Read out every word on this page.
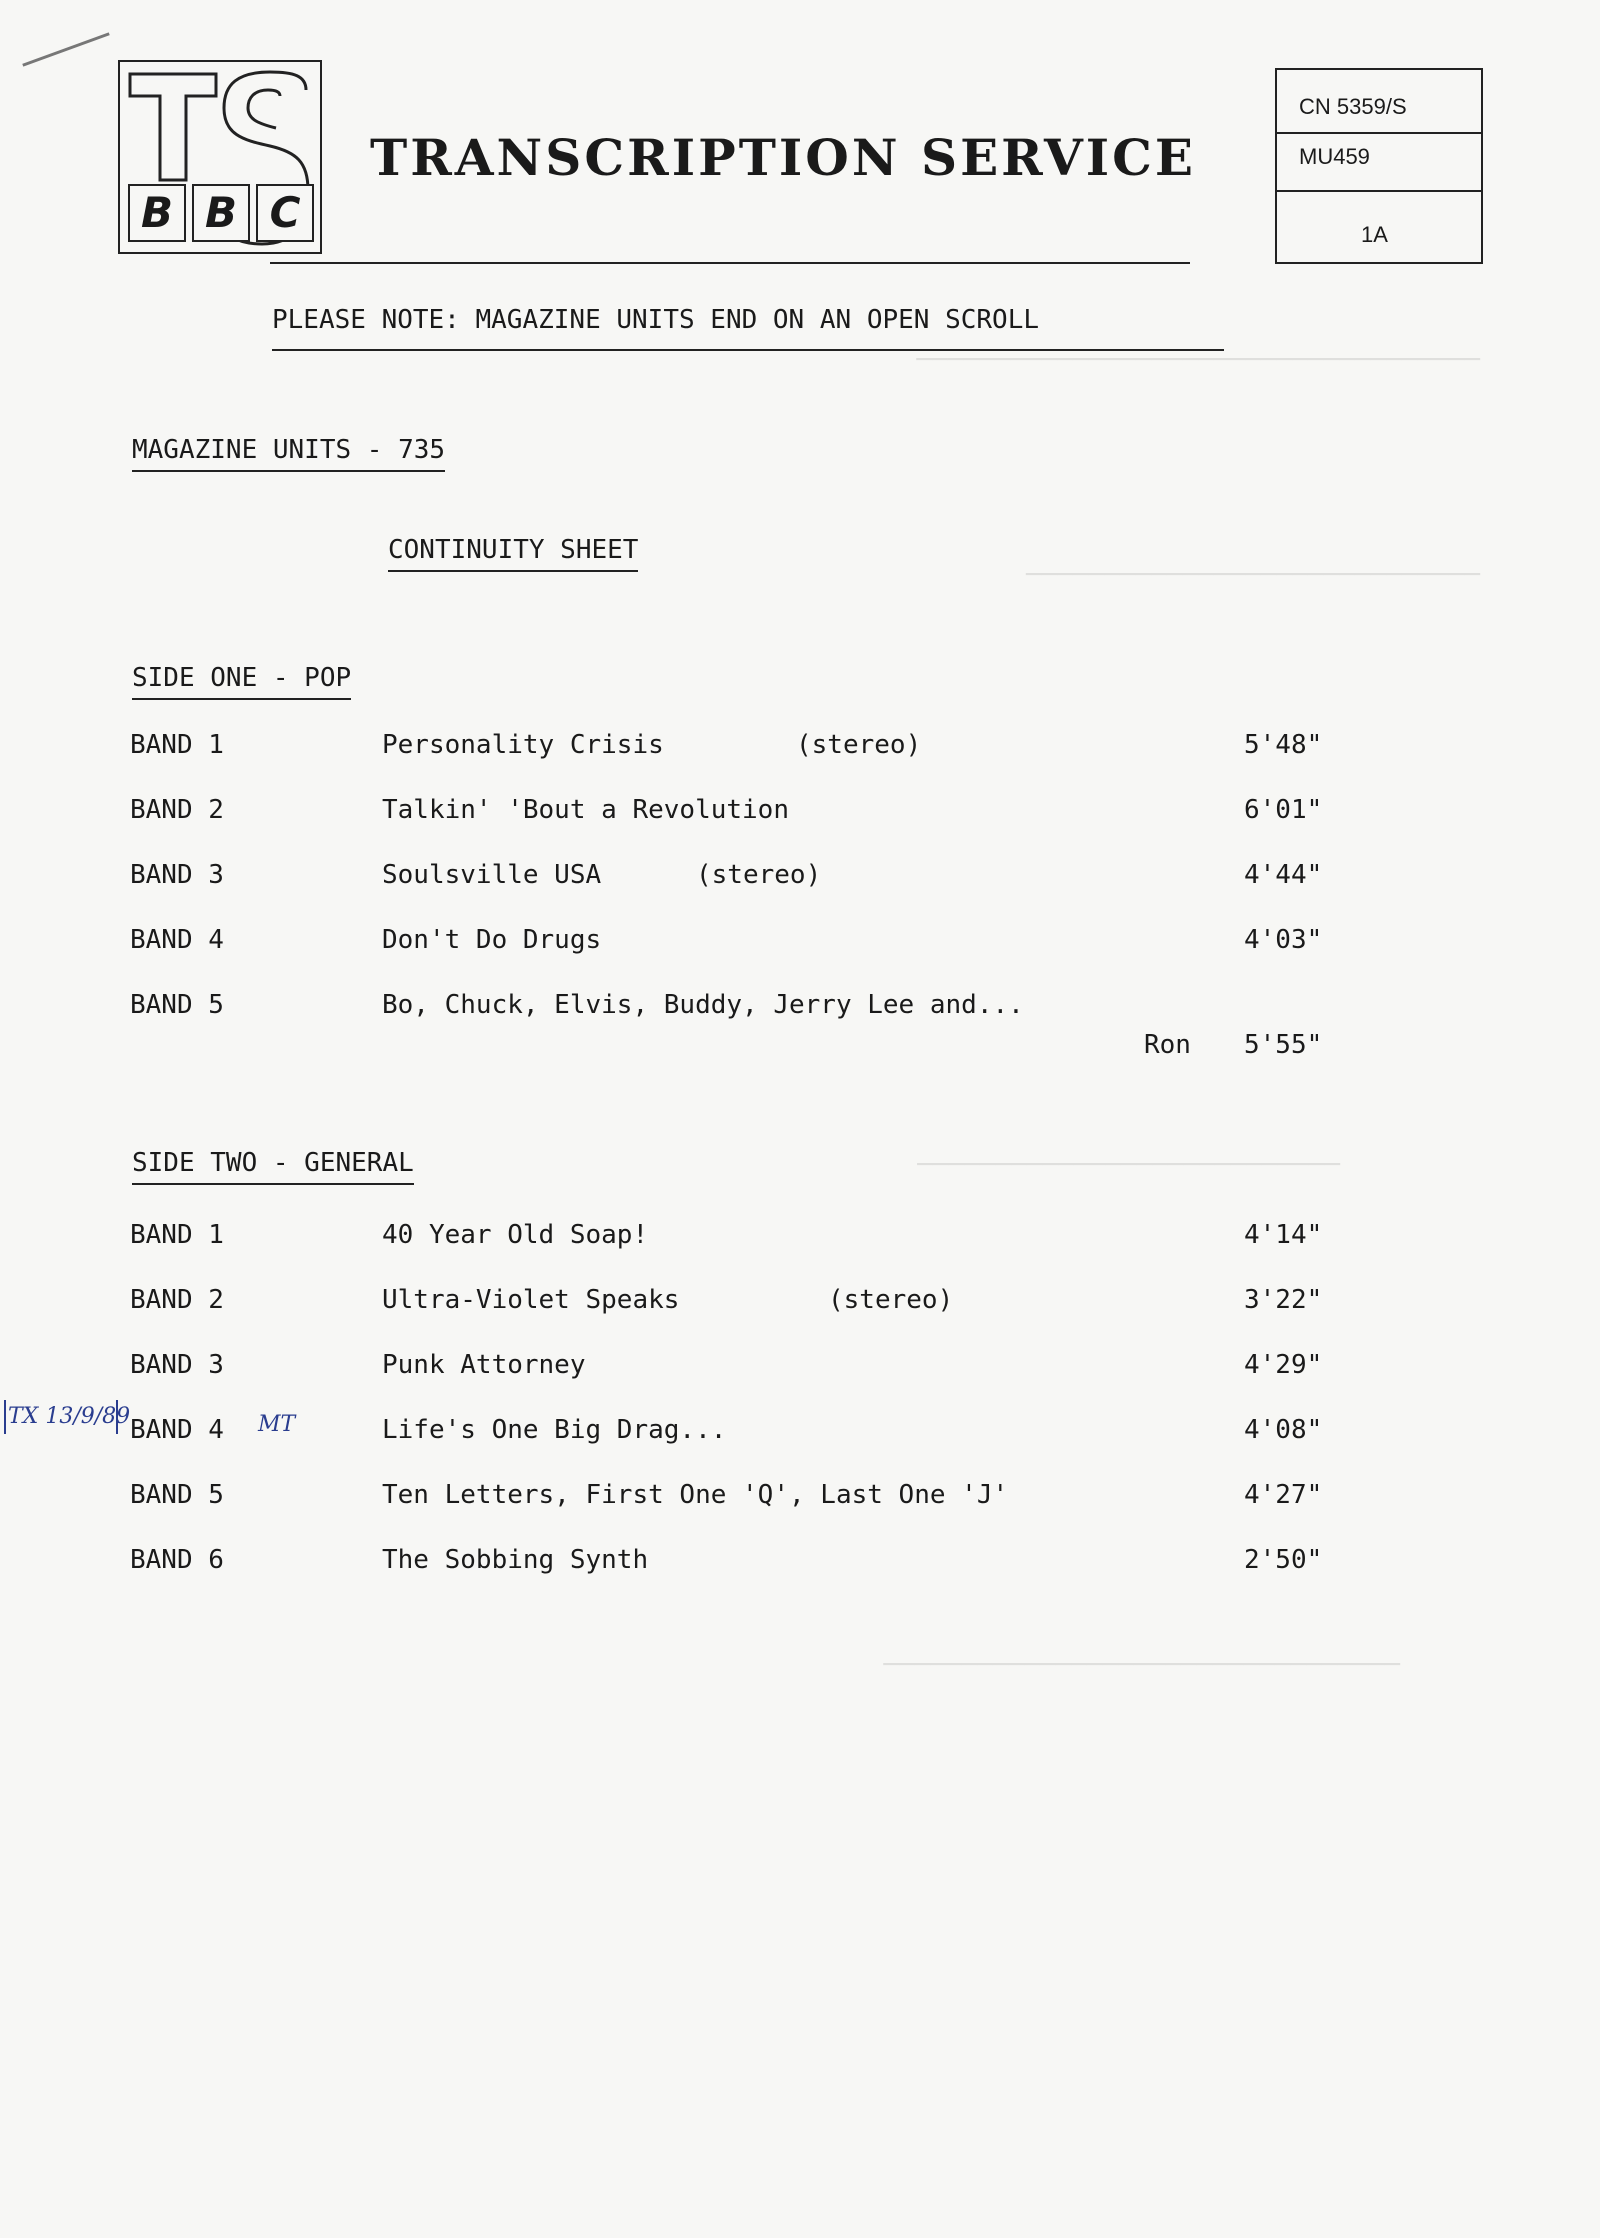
────────────────────────────────────
─────────────────────────────
───────────────────────────
─────────────────────────────────
B B C
TRANSCRIPTION SERVICE
CN 5359/S
MU459
1A
PLEASE NOTE: MAGAZINE UNITS END ON AN OPEN SCROLL
MAGAZINE UNITS - 735
CONTINUITY SHEET
SIDE ONE - POP
BAND 1	Personality Crisis	(stereo)	5'48"
BAND 2	Talkin' 'Bout a Revolution	6'01"
BAND 3	Soulsville USA	(stereo)	4'44"
BAND 4	Don't Do Drugs	4'03"
BAND 5	Bo, Chuck, Elvis, Buddy, Jerry Lee and...
Ron 5'55"
SIDE TWO - GENERAL
BAND 1	40 Year Old Soap!	4'14"
BAND 2	Ultra-Violet Speaks	(stereo)	3'22"
BAND 3	Punk Attorney	4'29"
BAND 4	Life's One Big Drag...	4'08"
BAND 5	Ten Letters, First One 'Q', Last One 'J'	4'27"
BAND 6	The Sobbing Synth	2'50"
TX 13/9/89	MT
